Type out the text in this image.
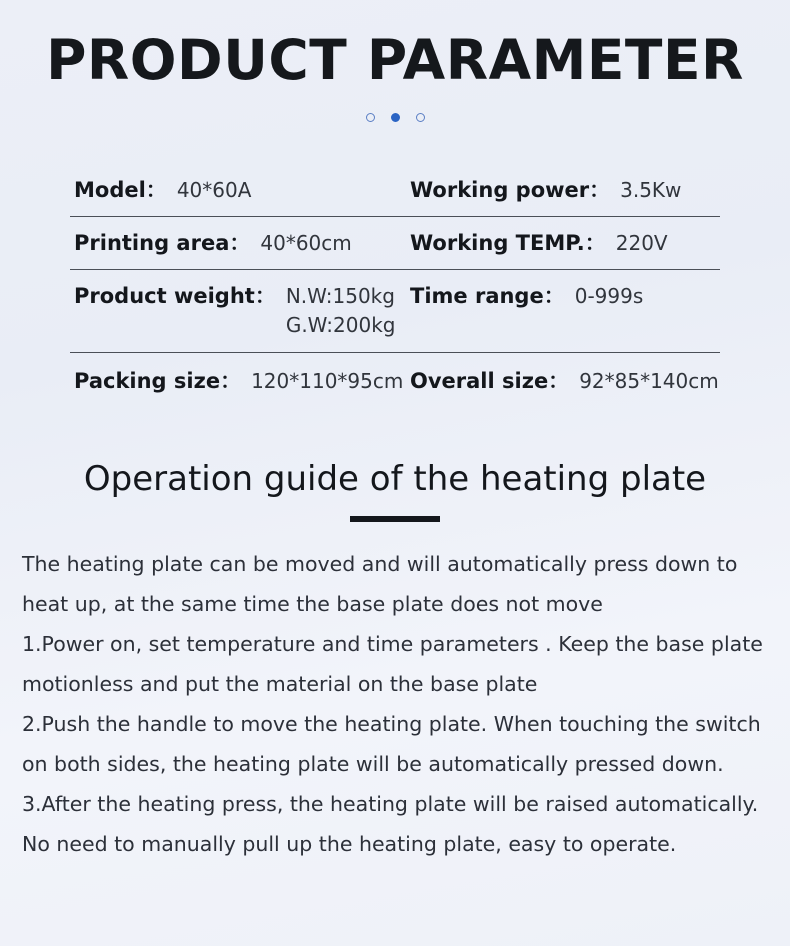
PRODUCT PARAMETER
Model： 40*60A	Working power： 3.5Kw
Printing area： 40*60cm	Working TEMP.： 220V
Product weight： N.W:150kg
G.W:200kg
Time range： 0-999s
Packing size： 120*110*95cm Overall size： 92*85*140cm
Operation guide of the heating plate

The heating plate can be moved and will automatically press down to heat up, at the same time the base plate does not move

1.Power on, set temperature and time parameters . Keep the base plate motionless and put the material on the base plate

2.Push the handle to move the heating plate. When touching the switch on both sides, the heating plate will be automatically pressed down.

3.After the heating press, the heating plate will be raised automatically. No need to manually pull up the heating plate, easy to operate.
